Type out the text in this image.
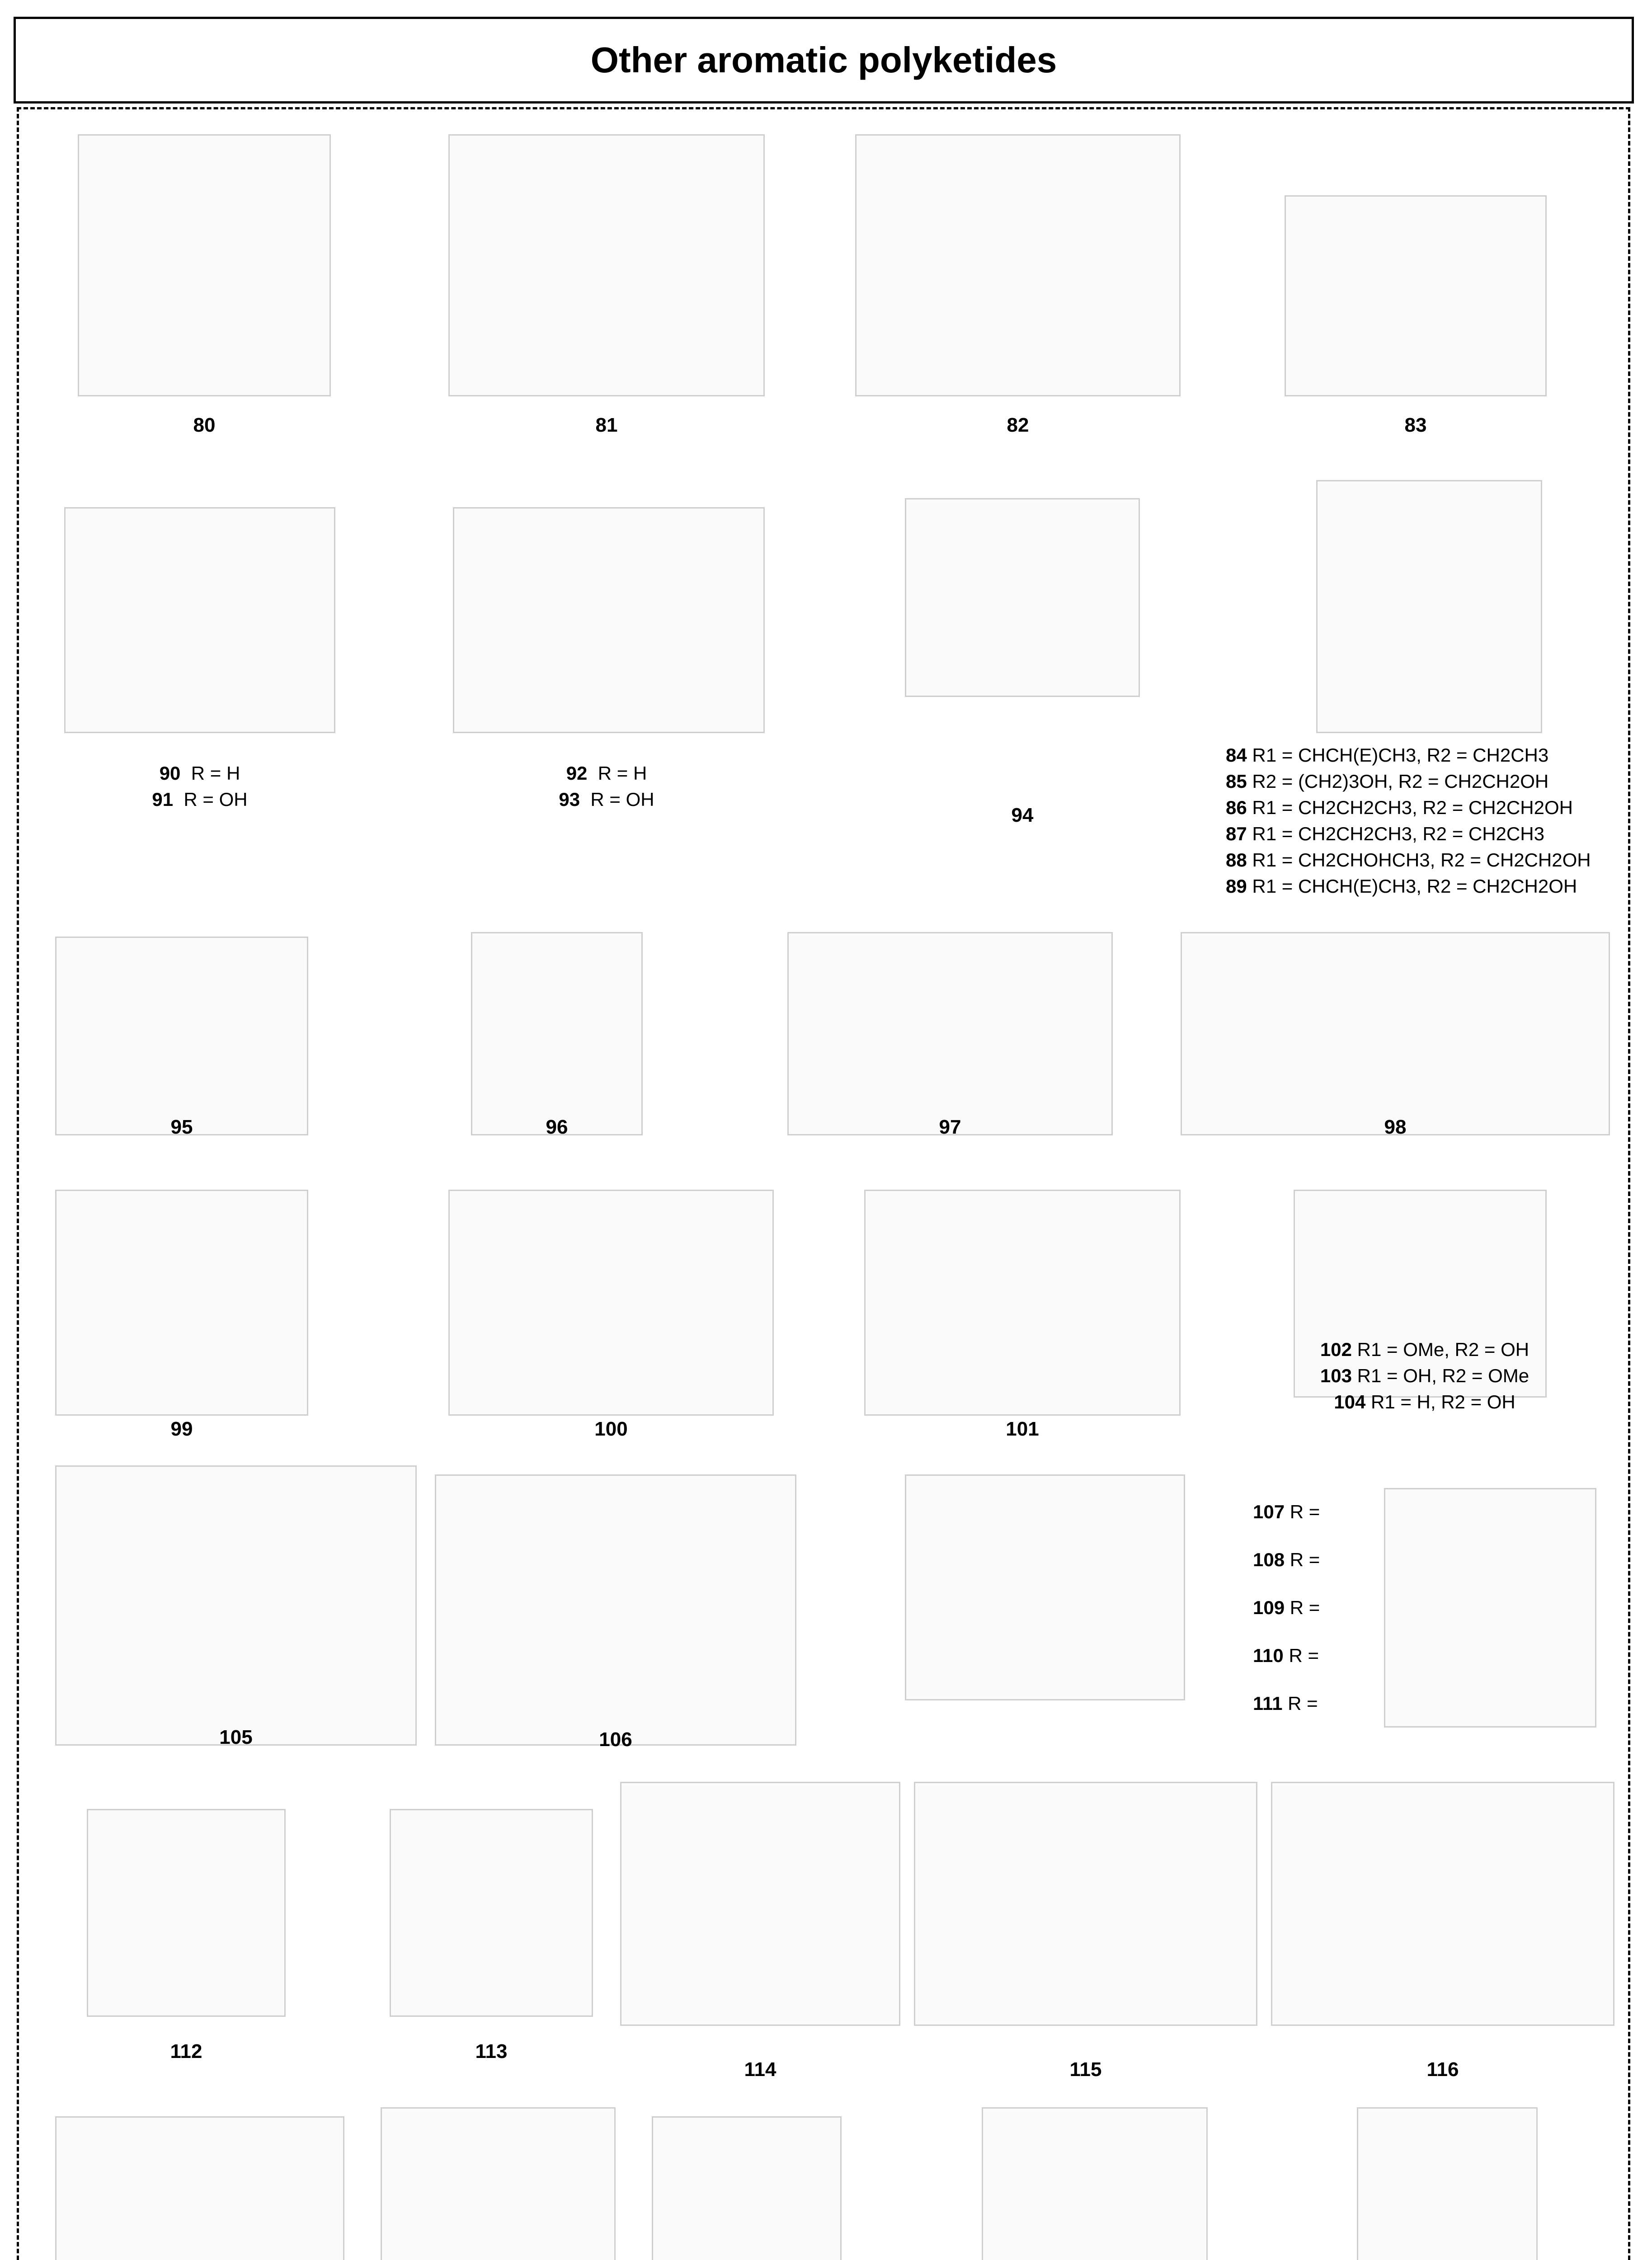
Other aromatic polyketides
80	81	82	83
90 R = H
91 R = OH
92 R = H
93 R = OH
94
84 R1 = CHCH(E)CH3, R2 = CH2CH3
85 R2 = (CH2)3OH, R2 = CH2CH2OH
86 R1 = CH2CH2CH3, R2 = CH2CH2OH
87 R1 = CH2CH2CH3, R2 = CH2CH3
88 R1 = CH2CHOHCH3, R2 = CH2CH2OH
89 R1 = CHCH(E)CH3, R2 = CH2CH2OH
95	96	97	98
99	100	101
102 R1 = OMe, R2 = OH
103 R1 = OH, R2 = OMe
104 R1 = H, R2 = OH
105	106
107 R =
108 R =
109 R =
110 R =
111 R =
112	113
114	115	116
